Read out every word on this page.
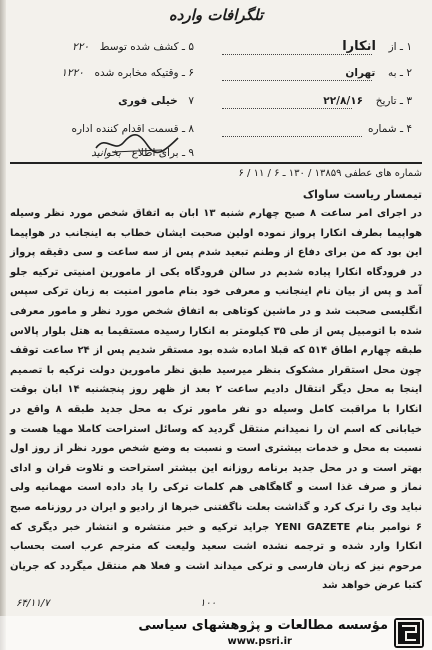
تلگرافات وارده
۱ ـ از  انکارا
۲ ـ به  تهران
۳ ـ تاریخ  ۲۲/۸/۱۶
۴ ـ شماره
۵ ـ کشف شده توسط  ۲۲۰
۶ ـ وقتیکه مخابره شده  ۱۲۲۰
۷  خیلی فوری
۸ ـ قسمت اقدام کننده اداره
۹ ـ برای اطلاع  بخوانید
شماره های عطفی ۱۳۸۵۹ / ۱۳۰ ـ ۶ / ۱۱ / ۶
تیمسار ریاست ساواک

در اجرای امر ساعت ۸ صبح چهارم شنبه ۱۳ ابان به اتفاق شخص مورد نظر وسیله هواپیما بطرف انکارا پرواز نموده اولین صحبت ایشان خطاب به اینجانب در هواپیما این بود که من برای دفاع از وطنم تبعید شدم پس از سه ساعت و سی دقیقه پرواز در فرودگاه انکارا پیاده شدیم در سالن فرودگاه یکی از مامورین امنیتی ترکیه جلو آمد و پس از بیان نام اینجانب و معرفی خود بنام مامور امنیت به زبان ترکی سپس انگلیسی صحبت شد و در ماشین کوتاهی به اتفاق شخص مورد نظر و مامور معرفی شده با اتومبیل پس از طی ۳۵ کیلومتر به انکارا رسیده مستقیما به هتل بلوار پالاس طبقه چهارم اطاق ۵۱۴ که قبلا اماده شده بود مستقر شدیم پس از ۲۴ ساعت توقف چون محل استقرار مشکوک بنظر میرسید طبق نظر مامورین دولت ترکیه با تصمیم اینجا به محل دیگر انتقال دادیم ساعت ۲ بعد از ظهر روز پنجشنبه ۱۴ ابان بوقت انکارا با مراقبت کامل وسیله دو نفر مامور ترک به محل جدید طبقه ۸ واقع در خیابانی که اسم ان را نمیدانم منتقل گردید که وسائل استراحت کاملا مهیا هست و نسبت به محل و خدمات بیشتری است و نسبت به وضع شخص مورد نظر از روز اول بهتر است و در محل جدید برنامه روزانه این بیشتر استراحت و تلاوت قران و ادای نماز و صرف غذا است و گاهگاهی هم کلمات ترکی را یاد داده است مهمانیه ولی نباید وی را ترک کرد و گذاشت بعلت ناگفتنی خبرها از رادیو و ایران در روزنامه صبح ۶ نوامبر بنام YENI GAZETE جراید ترکیه و خبر منتشره و انتشار خبر دیگری که انکارا وارد شده و ترجمه نشده اشت سعید ولیعت که مترجم عرب است بحساب مرحوم نیز که زبان فارسی و ترکی میداند اشت و فعلا هم منتقل میگردد که جریان کتبا عرض خواهد شد

۶۴/۱۱/۷	۱۰۰
مؤسسه مطالعات و پژوهشهای سیاسی
www.psri.ir
